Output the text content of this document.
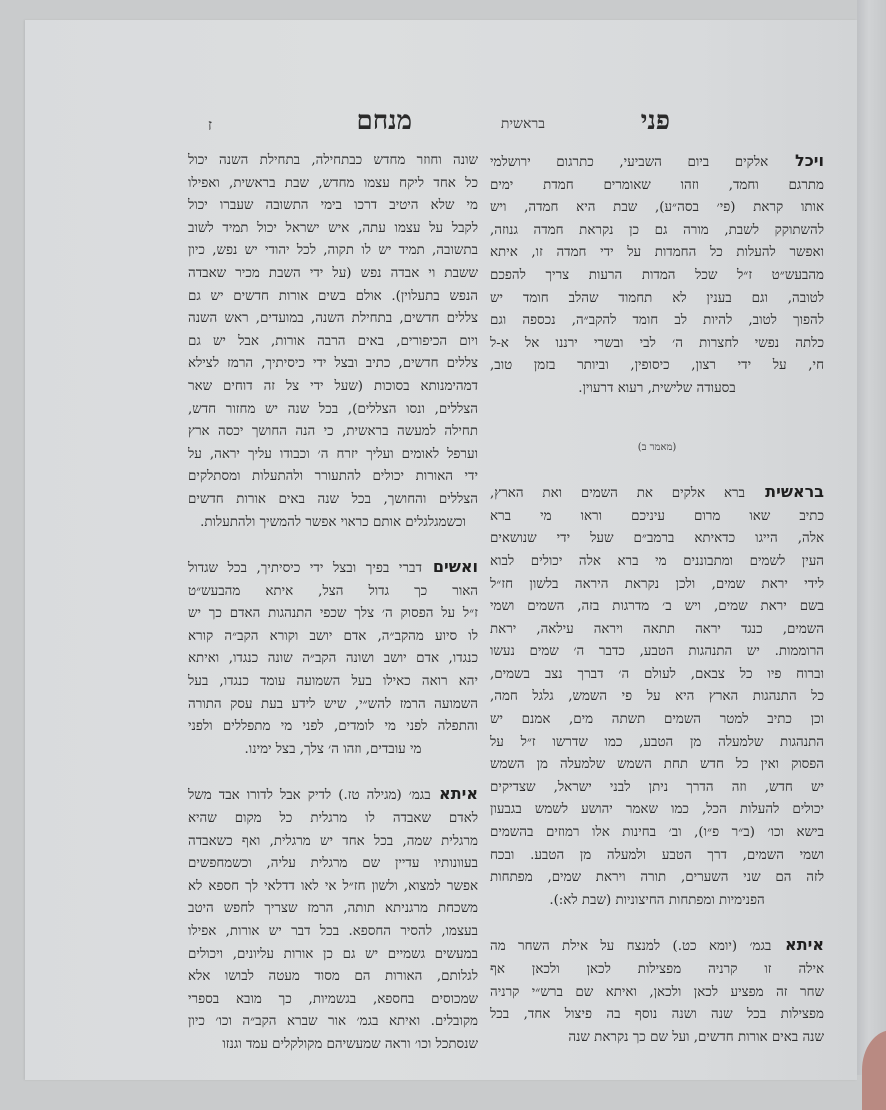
פני
בראשית
מנחם
ז
ויכל אלקים ביום השביעי, כתרגום ירושלמי
מתרגם וחמד, וזהו שאומרים חמדת ימים
אותו קראת (פי׳ בסה״ע), שבת היא חמדה, ויש
להשתוקק לשבת, מורה גם כן נקראת חמדה גנוזה,
ואפשר להעלות כל החמדות על ידי חמדה זו, איתא
מהבעש״ט ז״ל שכל המדות הרעות צריך להפכם
לטובה, וגם בענין לא תחמוד שהלב חומד יש
להפוך לטוב, להיות לב חומד להקב״ה, נכספה וגם
כלתה נפשי לחצרות ה׳ לבי ובשרי ירננו אל א-ל
חי, על ידי רצון, כיסופין, וביותר בזמן טוב,
בסעודה שלישית, רעוא דרעוין.
(מאמר ב)
בראשית ברא אלקים את השמים ואת הארץ,
כתיב שאו מרום עיניכם וראו מי ברא
אלה, הייגו כדאיתא ברמב״ם שעל ידי שנושאים
העין לשמים ומתבוננים מי ברא אלה יכולים לבוא
לידי יראת שמים, ולכן נקראת היראה בלשון חז״ל
בשם יראת שמים, ויש ב׳ מדרגות בזה, השמים ושמי
השמים, כנגד יראה תתאה ויראה עילאה, יראת
הרוממות. יש התנהגות הטבע, כדבר ה׳ שמים נעשו
וברוח פיו כל צבאם, לעולם ה׳ דברך נצב בשמים,
כל התנהגות הארץ היא על פי השמש, גלגל חמה,
וכן כתיב למטר השמים תשתה מים, אמנם יש
התנהגות שלמעלה מן הטבע, כמו שדרשו ז״ל על
הפסוק ואין כל חדש תחת השמש שלמעלה מן השמש
יש חדש, וזה הדרך ניתן לבני ישראל, שצדיקים
יכולים להעלות הכל, כמו שאמר יהושע לשמש בגבעון
בישא וכו׳ (ב״ר פ״ו), וב׳ בחינות אלו רמוזים בהשמים
ושמי השמים, דרך הטבע ולמעלה מן הטבע. ובכח
לזה הם שני השערים, תורה ויראת שמים, מפתחות
הפנימיות ומפתחות החיצוניות (שבת לא:).
איתא בגמ׳ (יומא כט.) למנצח על אילת השחר מה
אילה זו קרניה מפצילות לכאן ולכאן אף
שחר זה מפציע לכאן ולכאן, ואיתא שם ברש״י קרניה
מפצילות בכל שנה ושנה נוסף בה פיצול אחד, בכל
שנה באים אורות חדשים, ועל שם כך נקראת שנה
שונה וחוזר מחדש כבתחילה, בתחילת השנה יכול
כל אחד ליקח עצמו מחדש, שבת בראשית, ואפילו
מי שלא היטיב דרכו בימי התשובה שעברו יכול
לקבל על עצמו עתה, איש ישראל יכול תמיד לשוב
בתשובה, תמיד יש לו תקוה, לכל יהודי יש נפש, כיון
ששבת וי אבדה נפש (על ידי השבת מכיר שאבדה
הנפש בתעלוין). אולם בשים אורות חדשים יש גם
צללים חדשים, בתחילת השנה, במועדים, ראש השנה
ויום הכיפורים, באים הרבה אורות, אבל יש גם
צללים חדשים, כתיב ובצל ידי כיסיתיך, הרמז לצילא
דמהימנותא בסוכות (שעל ידי צל זה דוחים שאר
הצללים, ונסו הצללים), בכל שנה יש מחזור חדש,
תחילה למעשה בראשית, כי הנה החושך יכסה ארץ
וערפל לאומים ועליך יזרח ה׳ וכבודו עליך יראה, על
ידי האורות יכולים להתעורר ולהתעלות ומסתלקים
הצללים והחושך, בכל שנה באים אורות חדשים
וכשמגלגלים אותם כראוי אפשר להמשיך ולהתעלות.
ואשים דברי בפיך ובצל ידי כיסיתיך, בכל שגדול
האור כך גדול הצל, איתא מהבעש״ט
ז״ל על הפסוק ה׳ צלך שכפי התנהגות האדם כך יש
לו סיוע מהקב״ה, אדם יושב וקורא הקב״ה קורא
כנגדו, אדם יושב ושונה הקב״ה שונה כנגדו, ואיתא
יהא רואה כאילו בעל השמועה עומד כנגדו, בעל
השמועה הרמז להש״י, שיש לידע בעת עסק התורה
והתפלה לפני מי לומדים, לפני מי מתפללים ולפני
מי עובדים, וזהו ה׳ צלך, בצל ימינו.
איתא בגמ׳ (מגילה טז.) לדיק אבל לדורו אבד משל
לאדם שאבדה לו מרגלית כל מקום שהיא
מרגלית שמה, בכל אחד יש מרגלית, ואף כשאבדה
בעוונותיו עדיין שם מרגלית עליה, וכשמחפשים
אפשר למצוא, ולשון חז״ל אי לאו דדלאי לך חספא לא
משכחת מרגניתא תותה, הרמז שצריך לחפש היטב
בעצמו, להסיר החספא. בכל דבר יש אורות, אפילו
במעשים גשמיים יש גם כן אורות עליונים, ויכולים
לגלותם, האורות הם מסוד מעטה לבושו אלא
שמכוסים בחספא, בגשמיות, כך מובא בספרי
מקובלים. ואיתא בגמ׳ אור שברא הקב״ה וכו׳ כיון
שנסתכל וכו׳ וראה שמעשיהם מקולקלים עמד וגנזו
